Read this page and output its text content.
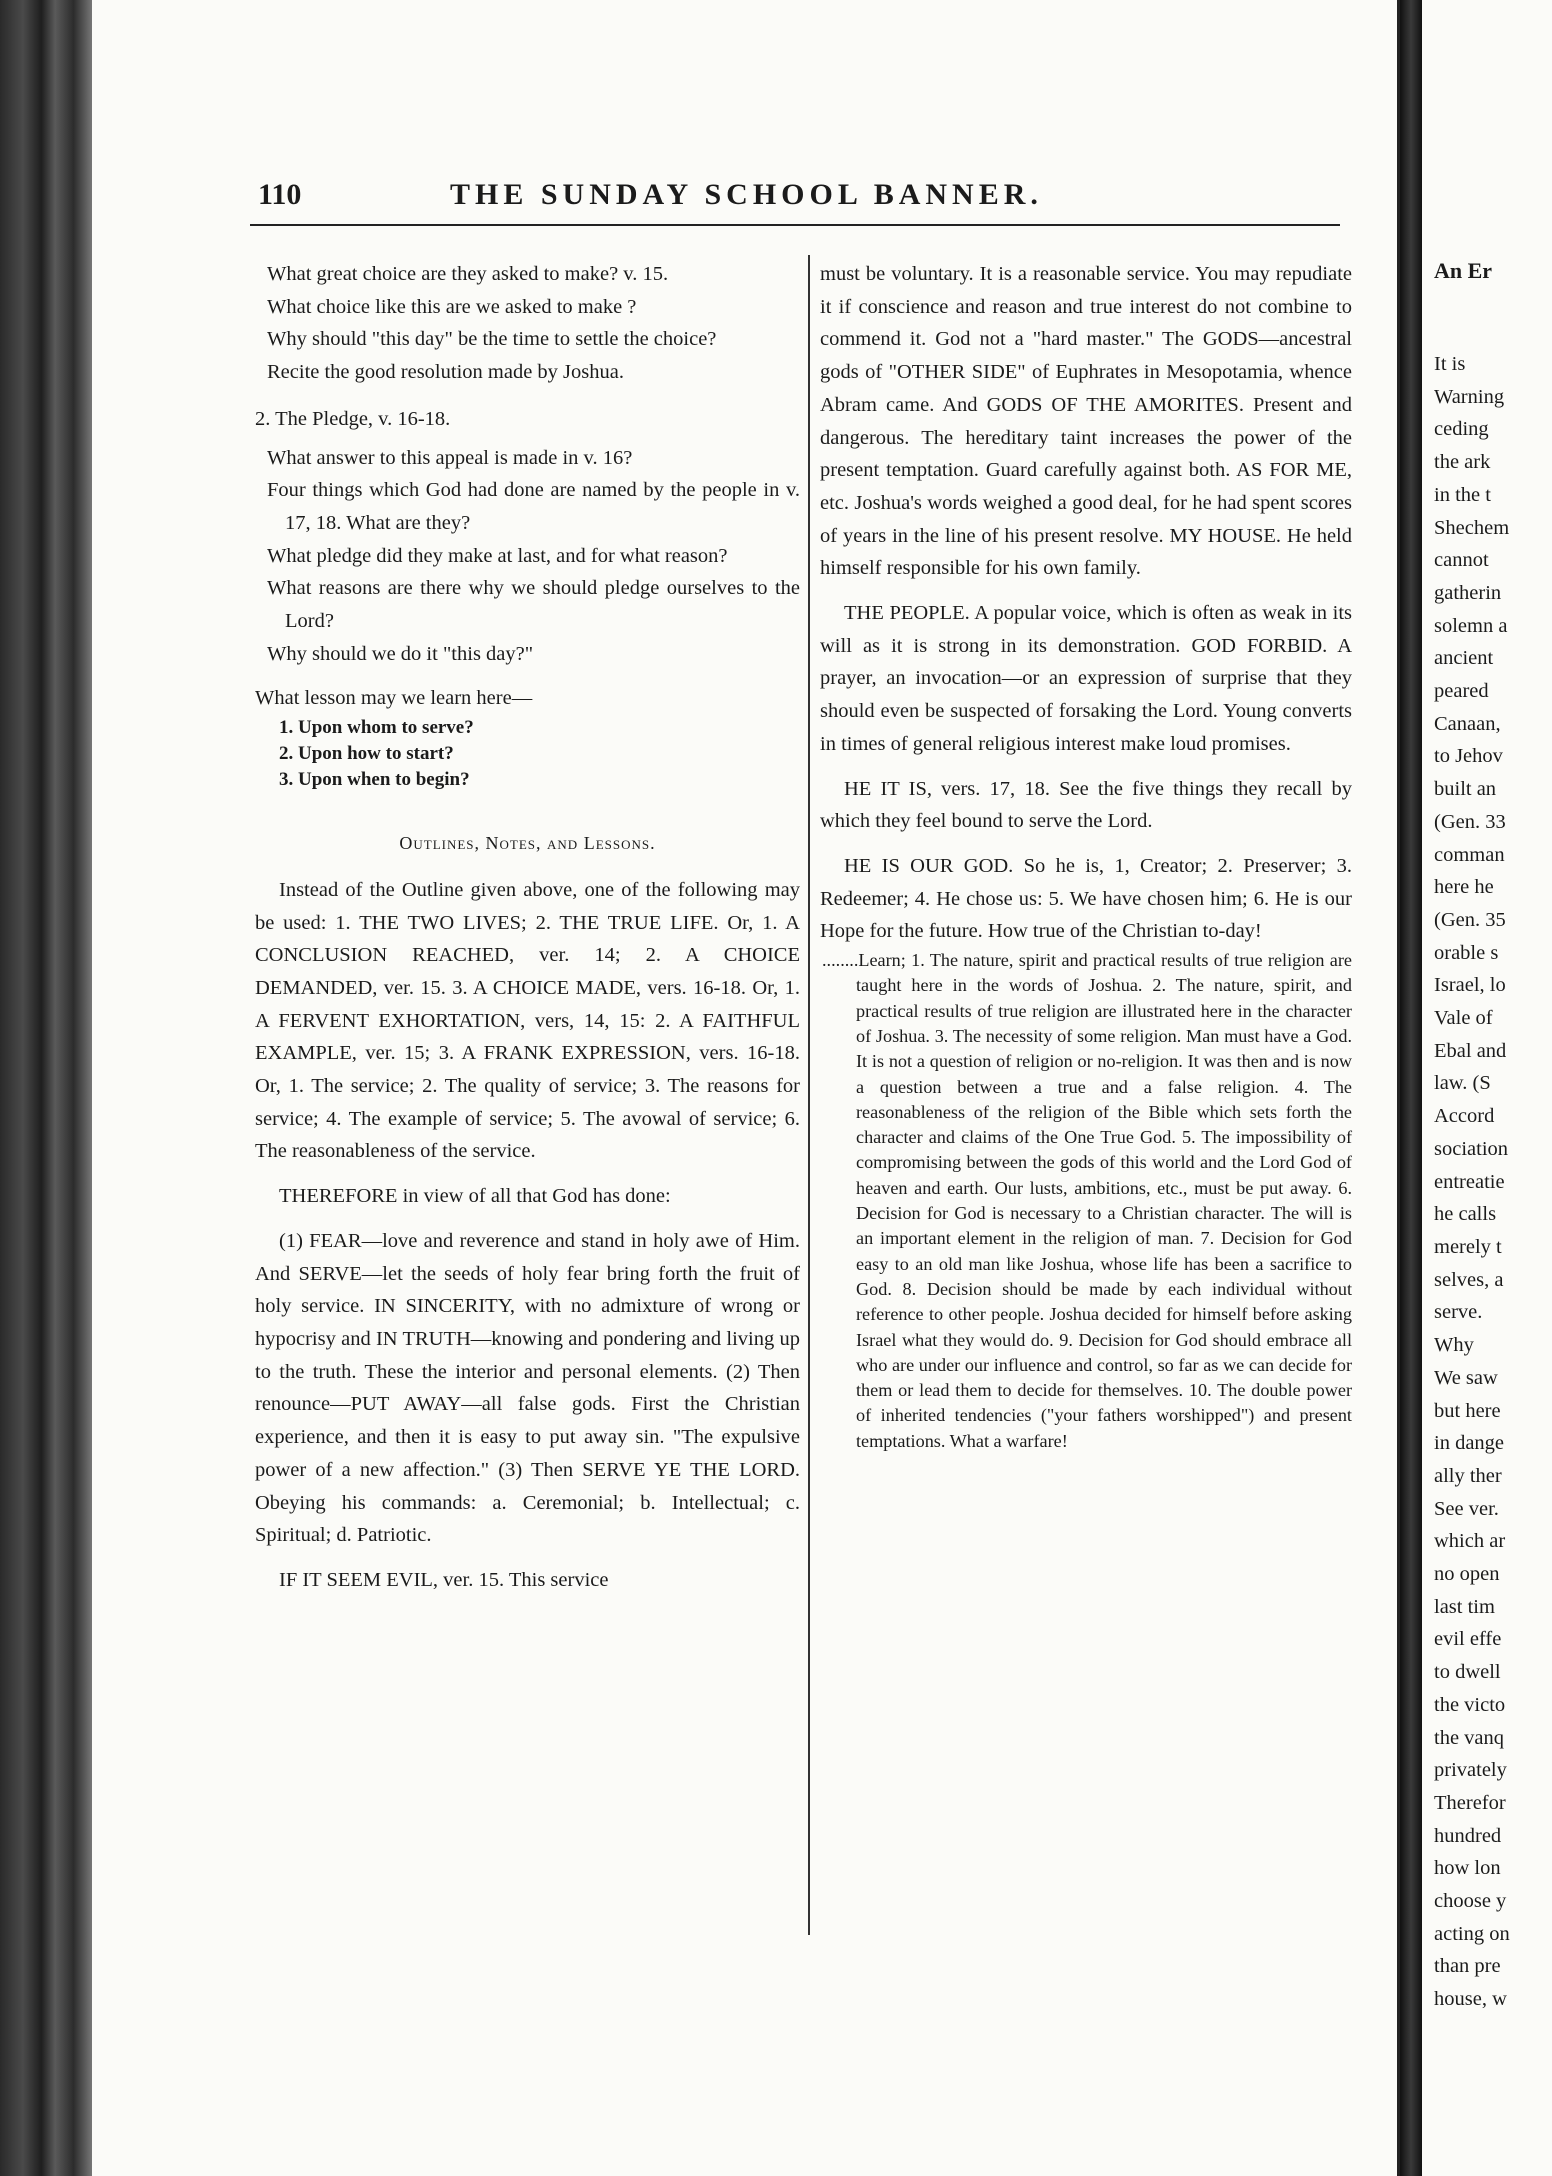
110	THE SUNDAY SCHOOL BANNER.

What great choice are they asked to make? v. 15.

What choice like this are we asked to make ?

Why should "this day" be the time to settle the choice?

Recite the good resolution made by Joshua.

2. The Pledge, v. 16-18.

What answer to this appeal is made in v. 16?

Four things which God had done are named by the people in v. 17, 18. What are they?

What pledge did they make at last, and for what reason?

What reasons are there why we should pledge ourselves to the Lord?

Why should we do it "this day?"

What lesson may we learn here—

1. Upon whom to serve?

2. Upon how to start?

3. Upon when to begin?

Outlines, Notes, and Lessons.

Instead of the Outline given above, one of the following may be used: 1. THE TWO LIVES; 2. THE TRUE LIFE. Or, 1. A CONCLUSION REACHED, ver. 14; 2. A CHOICE DEMANDED, ver. 15. 3. A CHOICE MADE, vers. 16-18. Or, 1. A FERVENT EXHORTATION, vers, 14, 15: 2. A FAITHFUL EXAMPLE, ver. 15; 3. A FRANK EXPRESSION, vers. 16-18. Or, 1. The service; 2. The quality of service; 3. The reasons for service; 4. The example of service; 5. The avowal of service; 6. The reasonableness of the service.

THEREFORE in view of all that God has done:

(1) FEAR—love and reverence and stand in holy awe of Him. And SERVE—let the seeds of holy fear bring forth the fruit of holy service. IN SINCERITY, with no admixture of wrong or hypocrisy and IN TRUTH—knowing and pondering and living up to the truth. These the interior and personal elements. (2) Then renounce—PUT AWAY—all false gods. First the Christian experience, and then it is easy to put away sin. "The expulsive power of a new affection." (3) Then SERVE YE THE LORD. Obeying his commands: a. Ceremonial; b. Intellectual; c. Spiritual; d. Patriotic.

IF IT SEEM EVIL, ver. 15. This service

must be voluntary. It is a reasonable service. You may repudiate it if conscience and reason and true interest do not combine to commend it. God not a "hard master." The GODS—ancestral gods of "OTHER SIDE" of Euphrates in Mesopotamia, whence Abram came. And GODS OF THE AMORITES. Present and dangerous. The hereditary taint increases the power of the present temptation. Guard carefully against both. AS FOR ME, etc. Joshua's words weighed a good deal, for he had spent scores of years in the line of his present resolve. MY HOUSE. He held himself responsible for his own family.

THE PEOPLE. A popular voice, which is often as weak in its will as it is strong in its demonstration. GOD FORBID. A prayer, an invocation—or an expression of surprise that they should even be suspected of forsaking the Lord. Young converts in times of general religious interest make loud promises.

HE IT IS, vers. 17, 18. See the five things they recall by which they feel bound to serve the Lord.

HE IS OUR GOD. So he is, 1, Creator; 2. Preserver; 3. Redeemer; 4. He chose us: 5. We have chosen him; 6. He is our Hope for the future. How true of the Christian to-day!

........Learn; 1. The nature, spirit and practical results of true religion are taught here in the words of Joshua. 2. The nature, spirit, and practical results of true religion are illustrated here in the character of Joshua. 3. The necessity of some religion. Man must have a God. It is not a question of religion or no-religion. It was then and is now a question between a true and a false religion. 4. The reasonableness of the religion of the Bible which sets forth the character and claims of the One True God. 5. The impossibility of compromising between the gods of this world and the Lord God of heaven and earth. Our lusts, ambitions, etc., must be put away. 6. Decision for God is necessary to a Christian character. The will is an important element in the religion of man. 7. Decision for God easy to an old man like Joshua, whose life has been a sacrifice to God. 8. Decision should be made by each individual without reference to other people. Joshua decided for himself before asking Israel what they would do. 9. Decision for God should embrace all who are under our influence and control, so far as we can decide for them or lead them to decide for themselves. 10. The double power of inherited tendencies ("your fathers worshipped") and present temptations. What a warfare!

An Er
It is
Warning
ceding
the ark
in the t
Shechem
cannot
gatherin
solemn a
ancient
peared
Canaan,
to Jehov
built an
(Gen. 33
comman
here he
(Gen. 35
orable s
Israel, lo
Vale of
Ebal and
law. (S
Accord
sociation
entreatie
he calls
merely t
selves, a
serve.
Why
We saw
but here
in dange
ally ther
See ver.
which ar
no open
last tim
evil effe
to dwell
the victo
the vanq
privately
Therefor
hundred
how lon
choose y
acting on
than pre
house, w
